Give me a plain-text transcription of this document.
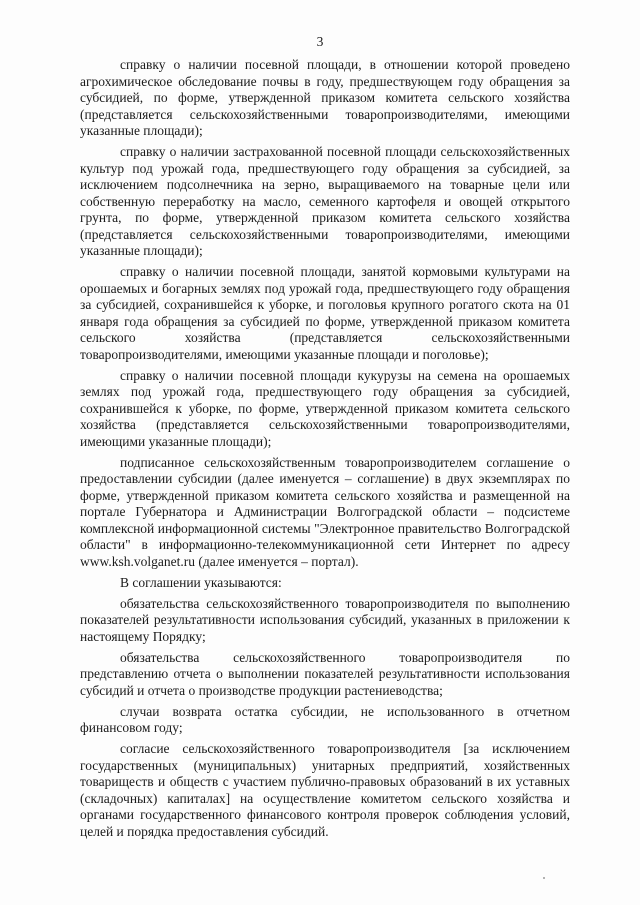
3

справку о наличии посевной площади, в отношении которой проведено агрохимическое обследование почвы в году, предшествующем году обращения за субсидией, по форме, утвержденной приказом комитета сельского хозяйства (представляется сельскохозяйственными товаропроизводителями, имеющими указанные площади);

справку о наличии застрахованной посевной площади сельскохозяйственных культур под урожай года, предшествующего году обращения за субсидией, за исключением подсолнечника на зерно, выращиваемого на товарные цели или собственную переработку на масло, семенного картофеля и овощей открытого грунта, по форме, утвержденной приказом комитета сельского хозяйства (представляется сельскохозяйственными товаропроизводителями, имеющими указанные площади);

справку о наличии посевной площади, занятой кормовыми культурами на орошаемых и богарных землях под урожай года, предшествующего году обращения за субсидией, сохранившейся к уборке, и поголовья крупного рогатого скота на 01 января года обращения за субсидией по форме, утвержденной приказом комитета сельского хозяйства (представляется сельскохозяйственными товаропроизводителями, имеющими указанные площади и поголовье);

справку о наличии посевной площади кукурузы на семена на орошаемых землях под урожай года, предшествующего году обращения за субсидией, сохранившейся к уборке, по форме, утвержденной приказом комитета сельского хозяйства (представляется сельскохозяйственными товаропроизводителями, имеющими указанные площади);

подписанное сельскохозяйственным товаропроизводителем соглашение о предоставлении субсидии (далее именуется – соглашение) в двух экземплярах по форме, утвержденной приказом комитета сельского хозяйства и размещенной на портале Губернатора и Администрации Волгоградской области – подсистеме комплексной информационной системы "Электронное правительство Волгоградской области" в информационно-телекоммуникационной сети Интернет по адресу www.ksh.volganet.ru (далее именуется – портал).

В соглашении указываются:

обязательства сельскохозяйственного товаропроизводителя по выполнению показателей результативности использования субсидий, указанных в приложении к настоящему Порядку;

обязательства сельскохозяйственного товаропроизводителя по представлению отчета о выполнении показателей результативности использования субсидий и отчета о производстве продукции растениеводства;

случаи возврата остатка субсидии, не использованного в отчетном финансовом году;

согласие сельскохозяйственного товаропроизводителя [за исключением государственных (муниципальных) унитарных предприятий, хозяйственных товариществ и обществ с участием публично-правовых образований в их уставных (складочных) капиталах] на осуществление комитетом сельского хозяйства и органами государственного финансового контроля проверок соблюдения условий, целей и порядка предоставления субсидий.
